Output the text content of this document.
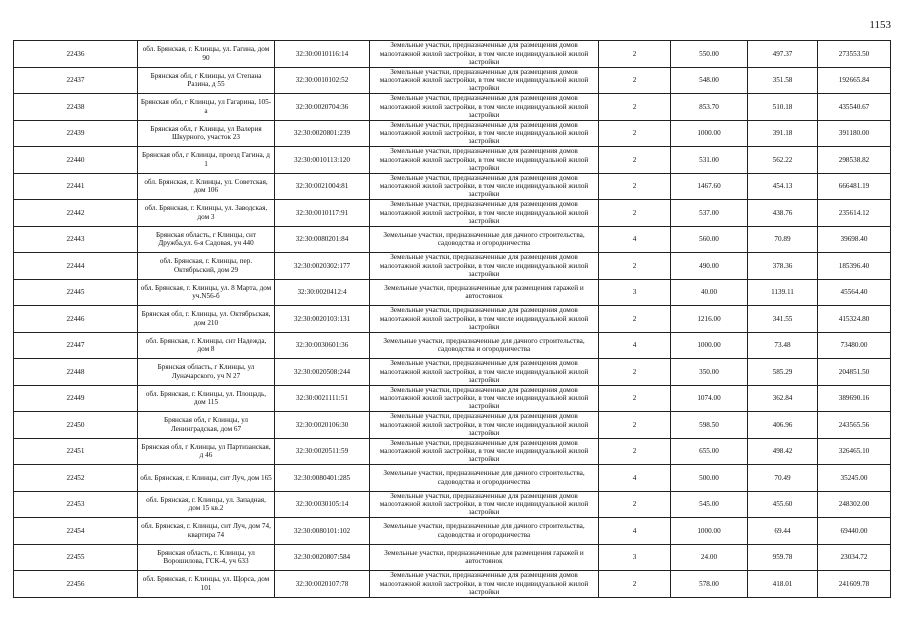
1153
22436	обл. Брянская, г. Клинцы, ул. Гагина, дом 90	32:30:0010116:14	Земельные участки, предназначенные для размещения домов малоэтажной жилой застройки, в том числе индивидуальной жилой застройки	2	550.00	497.37	273553.50
22437	Брянская обл, г Клинцы, ул Степана Разина, д 55	32:30:0010102:52	Земельные участки, предназначенные для размещения домов малоэтажной жилой застройки, в том числе индивидуальной жилой застройки	2	548.00	351.58	192665.84
22438	Брянская обл, г Клинцы, ул Гагарина, 105-а	32:30:0020704:36	Земельные участки, предназначенные для размещения домов малоэтажной жилой застройки, в том числе индивидуальной жилой застройки	2	853.70	510.18	435540.67
22439	Брянская обл, г Клинцы, ул Валерия Шкурного, участок 23	32:30:0020801:239	Земельные участки, предназначенные для размещения домов малоэтажной жилой застройки, в том числе индивидуальной жилой застройки	2	1000.00	391.18	391180.00
22440	Брянская обл, г Клинцы, проезд Гагина, д 1	32:30:0010113:120	Земельные участки, предназначенные для размещения домов малоэтажной жилой застройки, в том числе индивидуальной жилой застройки	2	531.00	562.22	298538.82
22441	обл. Брянская, г. Клинцы, ул. Советская, дом 106	32:30:0021004:81	Земельные участки, предназначенные для размещения домов малоэтажной жилой застройки, в том числе индивидуальной жилой застройки	2	1467.60	454.13	666481.19
22442	обл. Брянская, г. Клинцы, ул. Заводская, дом 3	32:30:0010117:91	Земельные участки, предназначенные для размещения домов малоэтажной жилой застройки, в том числе индивидуальной жилой застройки	2	537.00	438.76	235614.12
22443	Брянская область, г Клинцы, снт Дружба,ул. 6-я Садовая, уч 440	32:30:0080201:84	Земельные участки, предназначенные для дачного строительства, садоводства и огородничества	4	560.00	70.89	39698.40
22444	обл. Брянская, г. Клинцы, пер. Октябрьский, дом 29	32:30:0020302:177	Земельные участки, предназначенные для размещения домов малоэтажной жилой застройки, в том числе индивидуальной жилой застройки	2	490.00	378.36	185396.40
22445	обл. Брянская, г. Клинцы, ул. 8 Марта, дом уч.N56-б	32:30:0020412:4	Земельные участки, предназначенные для размещения гаражей и автостоянок	3	40.00	1139.11	45564.40
22446	Брянская обл, г. Клинцы, ул. Октябрьская, дом 210	32:30:0020103:131	Земельные участки, предназначенные для размещения домов малоэтажной жилой застройки, в том числе индивидуальной жилой застройки	2	1216.00	341.55	415324.80
22447	обл. Брянская, г. Клинцы, снт Надежда, дом 8	32:30:0030601:36	Земельные участки, предназначенные для дачного строительства, садоводства и огородничества	4	1000.00	73.48	73480.00
22448	Брянская область, г Клинцы, ул Луначарского, уч N 27	32:30:0020508:244	Земельные участки, предназначенные для размещения домов малоэтажной жилой застройки, в том числе индивидуальной жилой застройки	2	350.00	585.29	204851.50
22449	обл. Брянская, г. Клинцы, ул. Площадь, дом 115	32:30:0021111:51	Земельные участки, предназначенные для размещения домов малоэтажной жилой застройки, в том числе индивидуальной жилой застройки	2	1074.00	362.84	389690.16
22450	Брянская обл, г Клинцы, ул Ленинградская, дом 67	32:30:0020106:30	Земельные участки, предназначенные для размещения домов малоэтажной жилой застройки, в том числе индивидуальной жилой застройки	2	598.50	406.96	243565.56
22451	Брянская обл, г Клинцы, ул Партизанская, д 46	32:30:0020511:59	Земельные участки, предназначенные для размещения домов малоэтажной жилой застройки, в том числе индивидуальной жилой застройки	2	655.00	498.42	326465.10
22452	обл. Брянская, г. Клинцы, снт Луч, дом 165	32:30:0080401:285	Земельные участки, предназначенные для дачного строительства, садоводства и огородничества	4	500.00	70.49	35245.00
22453	обл. Брянская, г. Клинцы, ул. Западная, дом 15 кв.2	32:30:0030105:14	Земельные участки, предназначенные для размещения домов малоэтажной жилой застройки, в том числе индивидуальной жилой застройки	2	545.00	455.60	248302.00
22454	обл. Брянская, г. Клинцы, снт Луч, дом 74, квартира 74	32:30:0080101:102	Земельные участки, предназначенные для дачного строительства, садоводства и огородничества	4	1000.00	69.44	69440.00
22455	Брянская область, г. Клинцы, ул Ворошилова, ГСК-4, уч 633	32:30:0020807:584	Земельные участки, предназначенные для размещения гаражей и автостоянок	3	24.00	959.78	23034.72
22456	обл. Брянская, г. Клинцы, ул. Щорса, дом 101	32:30:0020107:78	Земельные участки, предназначенные для размещения домов малоэтажной жилой застройки, в том числе индивидуальной жилой застройки	2	578.00	418.01	241609.78
